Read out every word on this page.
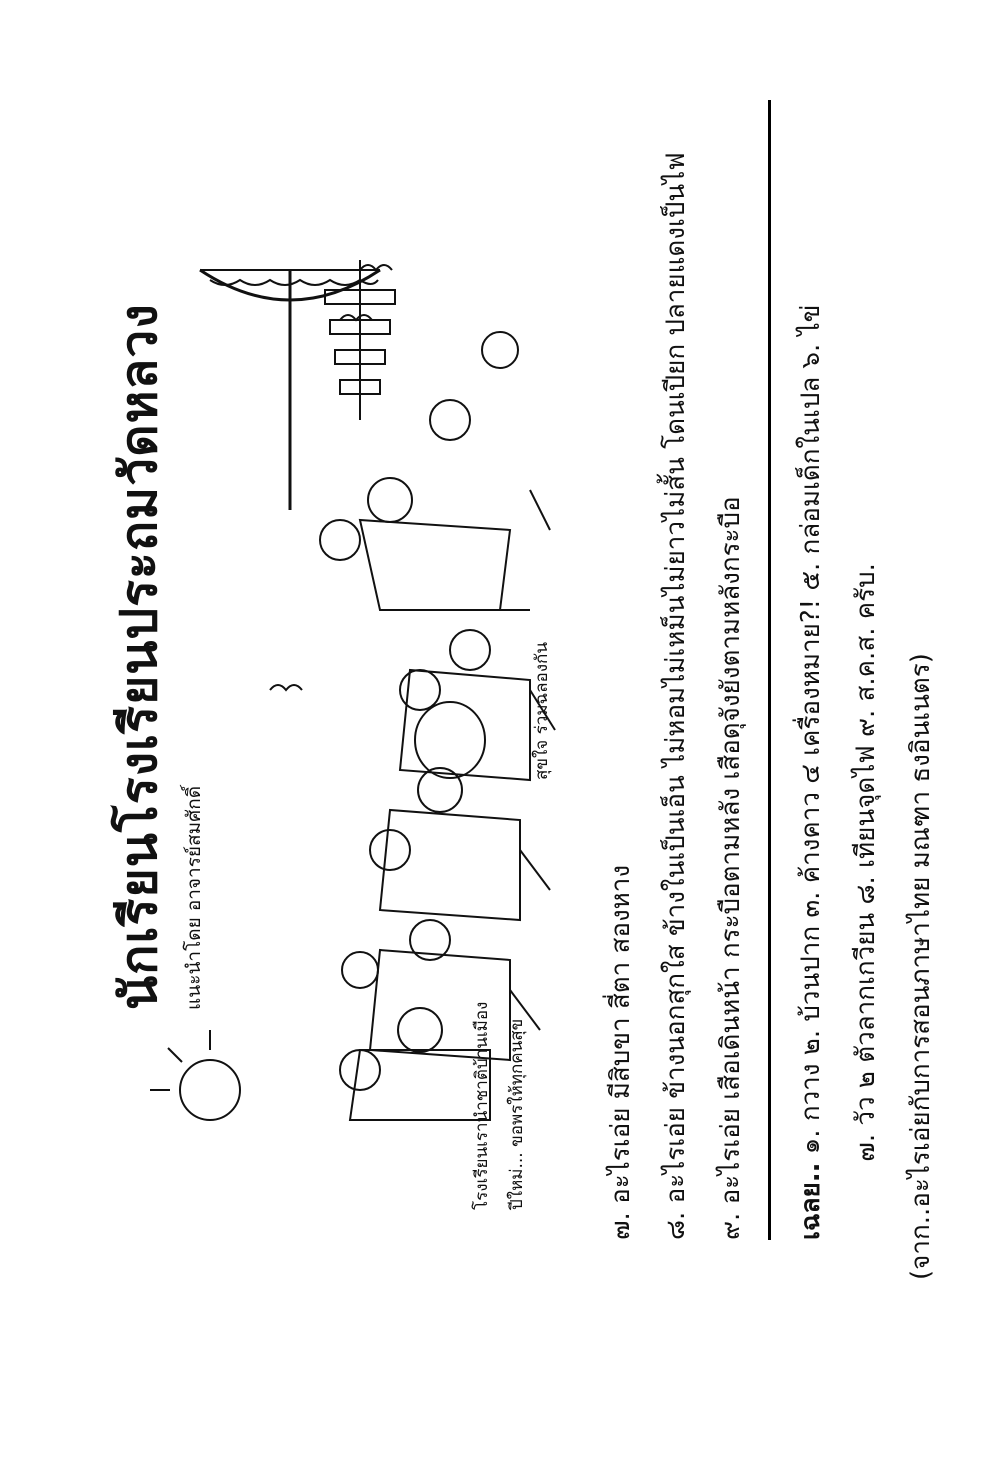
นักเรียนโรงเรียนประถมวัดหลวง แนะนำโดย อาจารย์สมศักดิ์
โรงเรียนเรานำชาติบ้านเมือง ปีใหม่... ขอพรให้ทุกคนสุข
สุขใจ ร่วมฉลองกัน
๗. อะไรเอ่ย มีสิบขา สี่ตา สองหาง ๘. อะไรเอ่ย ข้างนอกสุกใส ข้างในเป็นเอ็น ไม่หอมไม่เหม็นไม่ยาวไม่สั้น โดนเปียก ปลายแดงเป็นไฟ ๙. อะไรเอ่ย เสือเดินหน้า กระบือตามหลัง เสือดุจังยังตามหลังกระบือ เฉลย.. ๑. กวาง ๒. บ้วนปาก ๓. ค้างคาว ๔ เครื่องหมาย?! ๕. กล่อมเด็กในเปล ๖. ไข่ ๗. วัว ๒ ตัวลากเกวียน ๘. เทียนจุดไฟ ๙. ส.ค.ส. ครับ. (จาก..อะไรเอ่ยกับการสอนภาษาไทย มณฑา ธงอินเนตร)
